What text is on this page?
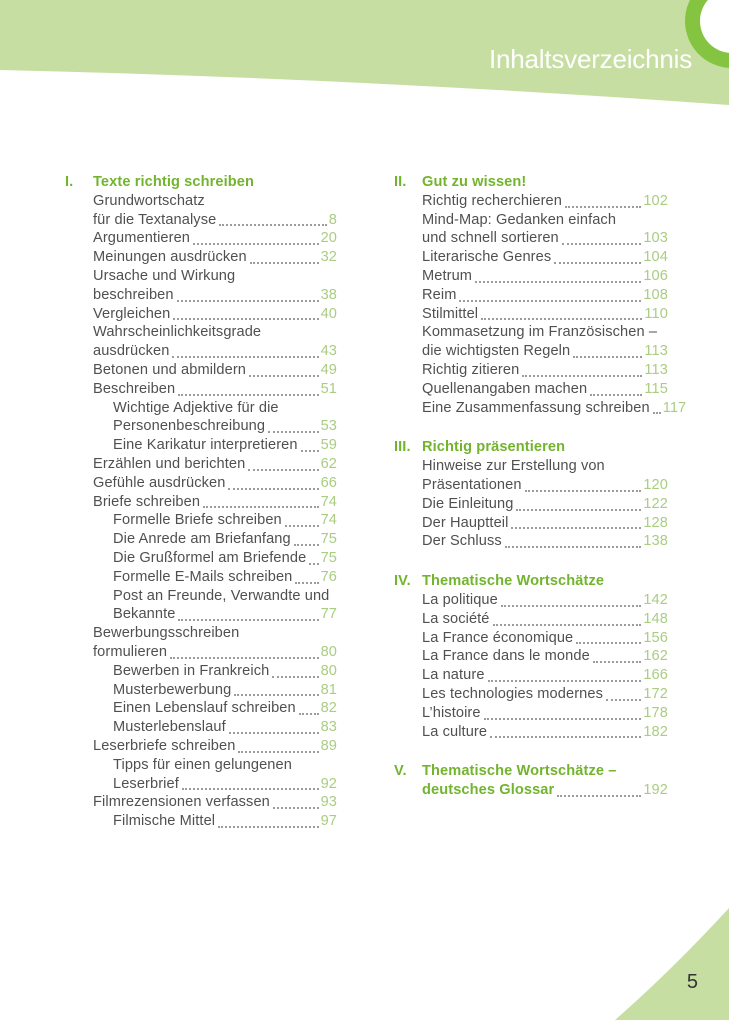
Inhaltsverzeichnis
I.	Texte richtig schreiben
Grundwortschatz
für die Textanalyse	8
Argumentieren	20
Meinungen ausdrücken	32
Ursache und Wirkung
beschreiben	38
Vergleichen	40
Wahrscheinlichkeitsgrade
ausdrücken	43
Betonen und abmildern	49
Beschreiben	51
Wichtige Adjektive für die
Personenbeschreibung	53
Eine Karikatur interpretieren 59
Erzählen und berichten	62
Gefühle ausdrücken	66
Briefe schreiben	74
Formelle Briefe schreiben	74
Die Anrede am Briefanfang 75
Die Grußformel am Briefende 75
Formelle E-Mails schreiben 76
Post an Freunde, Verwandte und
Bekannte	77
Bewerbungsschreiben
formulieren	80
Bewerben in Frankreich	80
Musterbewerbung	81
Einen Lebenslauf schreiben 82
Musterlebenslauf	83
Leserbriefe schreiben	89
Tipps für einen gelungenen
Leserbrief	92
Filmrezensionen verfassen	93
Filmische Mittel	97
II.	Gut zu wissen!
Richtig recherchieren	102
Mind-Map: Gedanken einfach
und schnell sortieren	103
Literarische Genres	104
Metrum	106
Reim	108
Stilmittel	110
Kommasetzung im Französischen –
die wichtigsten Regeln	113
Richtig zitieren	113
Quellenangaben machen	115
Eine Zusammenfassung schreiben 117
III. Richtig präsentieren
Hinweise zur Erstellung von
Präsentationen	120
Die Einleitung	122
Der Hauptteil	128
Der Schluss	138
IV. Thematische Wortschätze
La politique	142
La société	148
La France économique	156
La France dans le monde	162
La nature	166
Les technologies modernes	172
L’histoire	178
La culture	182
V.	Thematische Wortschätze –
deutsches Glossar	192
5
